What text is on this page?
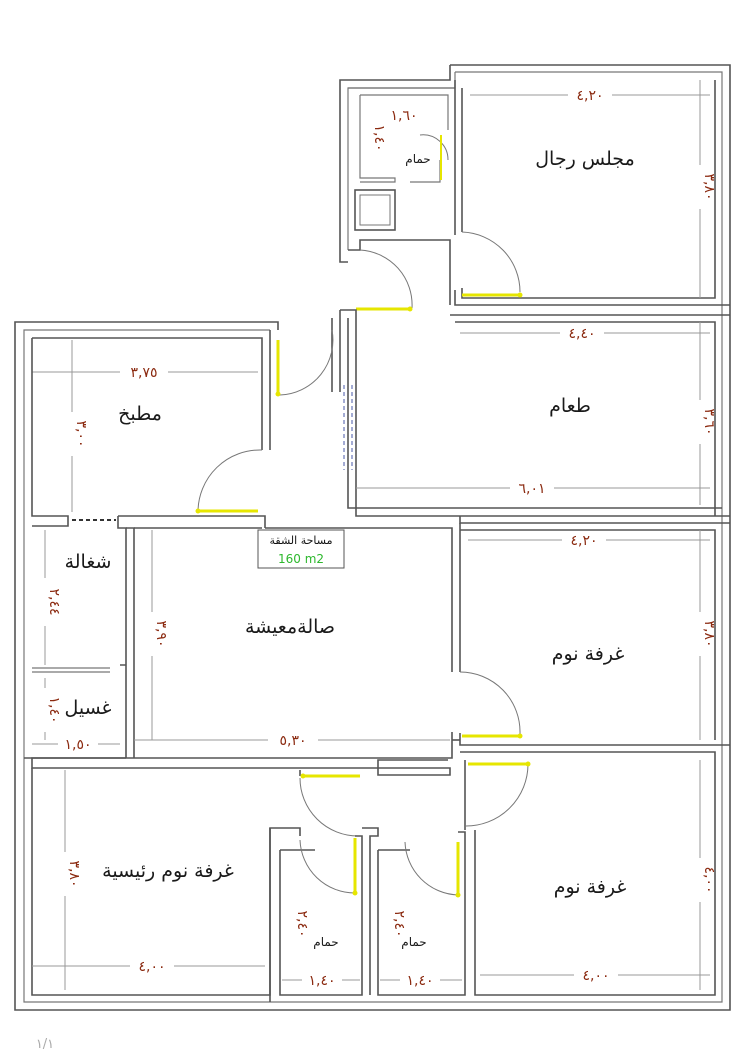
مساحة الشقة
160 m2
مجلس رجال
طعام
مطبخ
شغالة
غسيل
صالةمعيشة
غرفة نوم
غرفة نوم
غرفة نوم رئيسية
حمام
حمام	حمام
٤,٢٠
١,٦٠
٤,٤٠
٦,٠١
٣,٧٥
٤,٢٠
٥,٣٠
١,٥٠
٤,٠٠
١,٤٠	١,٤٠	٤,٠٠
٣,٨٠
١,٤٠
٣,٦٠
٣,٠٠
٢,٤٤
١,٤٠
٣,٩٠	٣,٨٠
٤,٠٠
٣,٨٠
٢,٤٠	٢,٤٠
١/١
